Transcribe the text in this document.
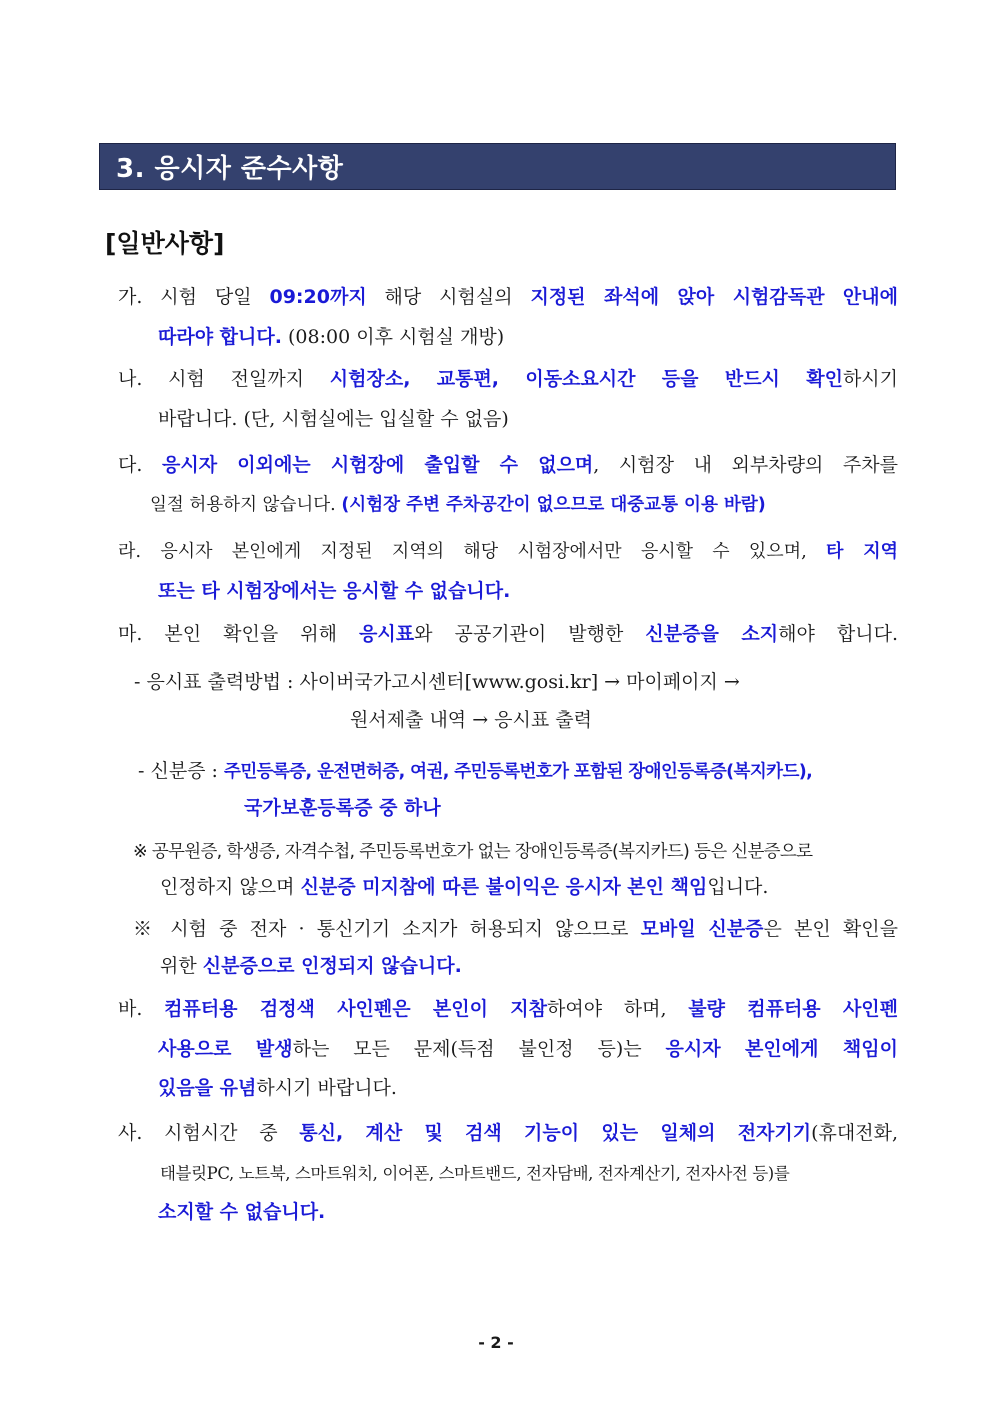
3. 응시자 준수사항
[일반사항]
가. 시험 당일 09:20까지 해당 시험실의 지정된 좌석에 앉아 시험감독관 안내에
따라야 합니다. (08:00 이후 시험실 개방)
나. 시험 전일까지 시험장소, 교통편, 이동소요시간 등을 반드시 확인하시기
바랍니다. (단, 시험실에는 입실할 수 없음)
다. 응시자 이외에는 시험장에 출입할 수 없으며, 시험장 내 외부차량의 주차를
일절 허용하지 않습니다. (시험장 주변 주차공간이 없으므로 대중교통 이용 바람)
라. 응시자 본인에게 지정된 지역의 해당 시험장에서만 응시할 수 있으며, 타 지역
또는 타 시험장에서는 응시할 수 없습니다.
마. 본인 확인을 위해 응시표와 공공기관이 발행한 신분증을 소지해야 합니다.
- 응시표 출력방법 : 사이버국가고시센터[www.gosi.kr] → 마이페이지 →
원서제출 내역 → 응시표 출력
- 신분증 : 주민등록증, 운전면허증, 여권, 주민등록번호가 포함된 장애인등록증(복지카드),
국가보훈등록증 중 하나
※ 공무원증, 학생증, 자격수첩, 주민등록번호가 없는 장애인등록증(복지카드) 등은 신분증으로
인정하지 않으며 신분증 미지참에 따른 불이익은 응시자 본인 책임입니다.
※ 시험 중 전자 · 통신기기 소지가 허용되지 않으므로 모바일 신분증은 본인 확인을
위한 신분증으로 인정되지 않습니다.
바. 컴퓨터용 검정색 사인펜은 본인이 지참하여야 하며, 불량 컴퓨터용 사인펜
사용으로 발생하는 모든 문제(득점 불인정 등)는 응시자 본인에게 책임이
있음을 유념하시기 바랍니다.
사. 시험시간 중 통신, 계산 및 검색 기능이 있는 일체의 전자기기(휴대전화,
태블릿PC, 노트북, 스마트워치, 이어폰, 스마트밴드, 전자담배, 전자계산기, 전자사전 등)를
소지할 수 없습니다.
- 2 -
